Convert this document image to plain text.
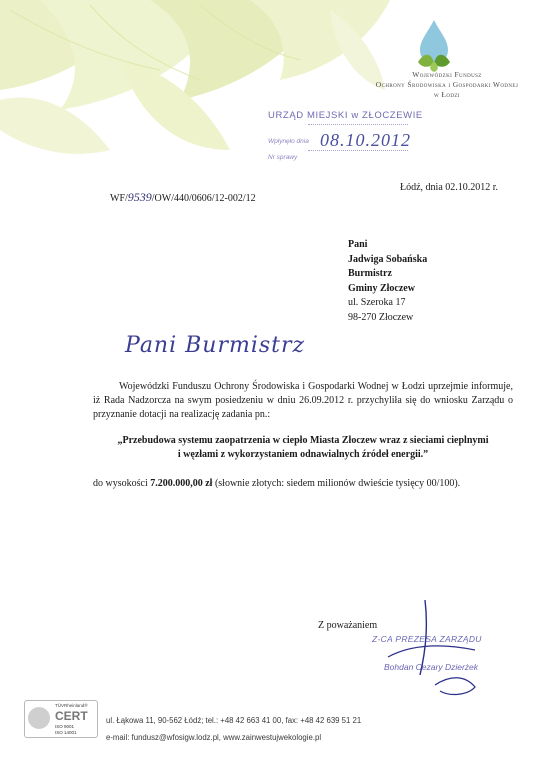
Wojewódzki Fundusz
Ochrony Środowiska i Gospodarki Wodnej
w Łodzi
URZĄD MIEJSKI w ZŁOCZEWIE
Wpłynęło dnia 08.10.2012
Nr sprawy
WF/9539/OW/440/0606/12-002/12
Łódź, dnia 02.10.2012 r.
Pani
Jadwiga Sobańska
Burmistrz
Gminy Złoczew
ul. Szeroka 17
98-270 Złoczew
Pani Burmistrz

Wojewódzki Funduszu Ochrony Środowiska i Gospodarki Wodnej w Łodzi uprzejmie informuje, iż Rada Nadzorcza na swym posiedzeniu w dniu 26.09.2012 r. przychyliła się do wniosku Zarządu o przyznanie dotacji na realizację zadania pn.:

„Przebudowa systemu zaopatrzenia w ciepło Miasta Złoczew wraz z sieciami cieplnymi
i węzłami z wykorzystaniem odnawialnych źródeł energii.”
do wysokości 7.200.000,00 zł (słownie złotych: siedem milionów dwieście tysięcy 00/100).
Z poważaniem
Z-CA PREZESA ZARZĄDU
Bohdan Cezary Dzierżek
TÜVRheinland®
CERT
ISO 9001
ISO 14001
ul. Łąkowa 11, 90-562 Łódź; tel.: +48 42 663 41 00, fax: +48 42 639 51 21
e-mail: fundusz@wfosigw.lodz.pl, www.zainwestujwekologie.pl
